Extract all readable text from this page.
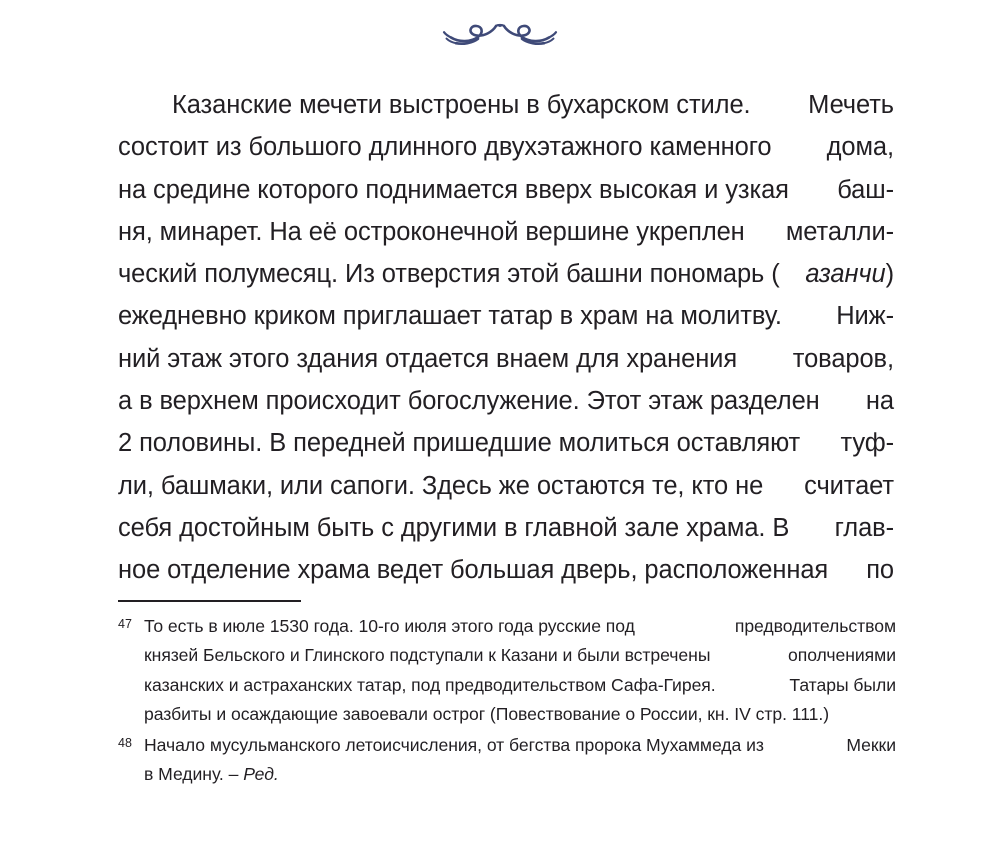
Казанские мечети выстроены в бухарском стиле. Мечеть
состоит из большого длинного двухэтажного каменного дома,
на средине которого поднимается вверх высокая и узкая баш-
ня, минарет. На её остроконечной вершине укреплен металли-
ческий полумесяц. Из отверстия этой башни пономарь ( азанчи)
ежедневно криком приглашает татар в храм на молитву. Ниж-
ний этаж этого здания отдается внаем для хранения товаров,
а в верхнем происходит богослужение. Этот этаж разделен на
2 половины. В передней пришедшие молиться оставляют туф-
ли, башмаки, или сапоги. Здесь же остаются те, кто не считает
себя достойным быть с другими в главной зале храма. В глав-
ное отделение храма ведет большая дверь, расположенная по
47 То есть в июле 1530 года. 10-го июля этого года русские под	предводительством
князей Бельского и Глинского подступали к Казани и были встречены	ополчениями
казанских и астраханских татар, под предводительством Сафа-Гирея.	Татары были
разбиты и осаждающие завоевали острог (Повествование о России, кн. IV стр. 111.)
48 Начало мусульманского летоисчисления, от бегства пророка Мухаммеда из	Мекки
в Медину. – Ред.
